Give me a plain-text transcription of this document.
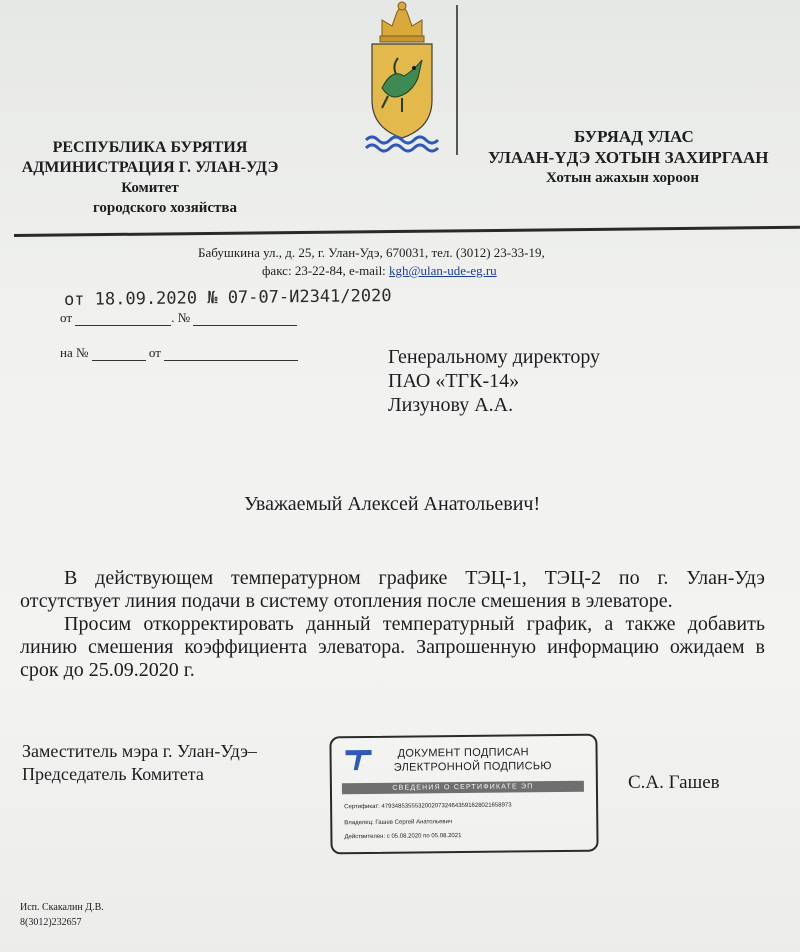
РЕСПУБЛИКА БУРЯТИЯ
АДМИНИСТРАЦИЯ Г. УЛАН-УДЭ
Комитет
городского хозяйства
БУРЯАД УЛАС
УЛААН-ҮДЭ ХОТЫН ЗАХИРГААН
Хотын ажахын хороон
Бабушкина ул., д. 25, г. Улан-Удэ, 670031, тел. (3012) 23-33-19,
факс: 23-22-84, e-mail: kgh@ulan-ude-eg.ru
от 18.09.2020 № 07-07-И2341/2020
от	. №
на №	от	Генеральному директору
ПАО «ТГК-14»
Лизунову А.А.
Уважаемый Алексей Анатольевич!

В действующем температурном графике ТЭЦ-1, ТЭЦ-2 по г. Улан-Удэ отсутствует линия подачи в систему отопления после смешения в элеваторе.

Просим откорректировать данный температурный график, а также добавить линию смешения коэффициента элеватора. Запрошенную информацию ожидаем в срок до 25.09.2020 г.

Заместитель мэра г. Улан-Удэ–
Председатель Комитета
ДОКУМЕНТ ПОДПИСАН
ЭЛЕКТРОННОЙ ПОДПИСЬЮ
СВЕДЕНИЯ О СЕРТИФИКАТЕ ЭП
Сертификат: 479348535553200207324643591628021658973
Владелец: Гашев Сергей Анатольевич
Действителен: с 05.08.2020 по 05.08.2021
С.А. Гашев
Исп. Скакалин Д.В.
8(3012)232657
